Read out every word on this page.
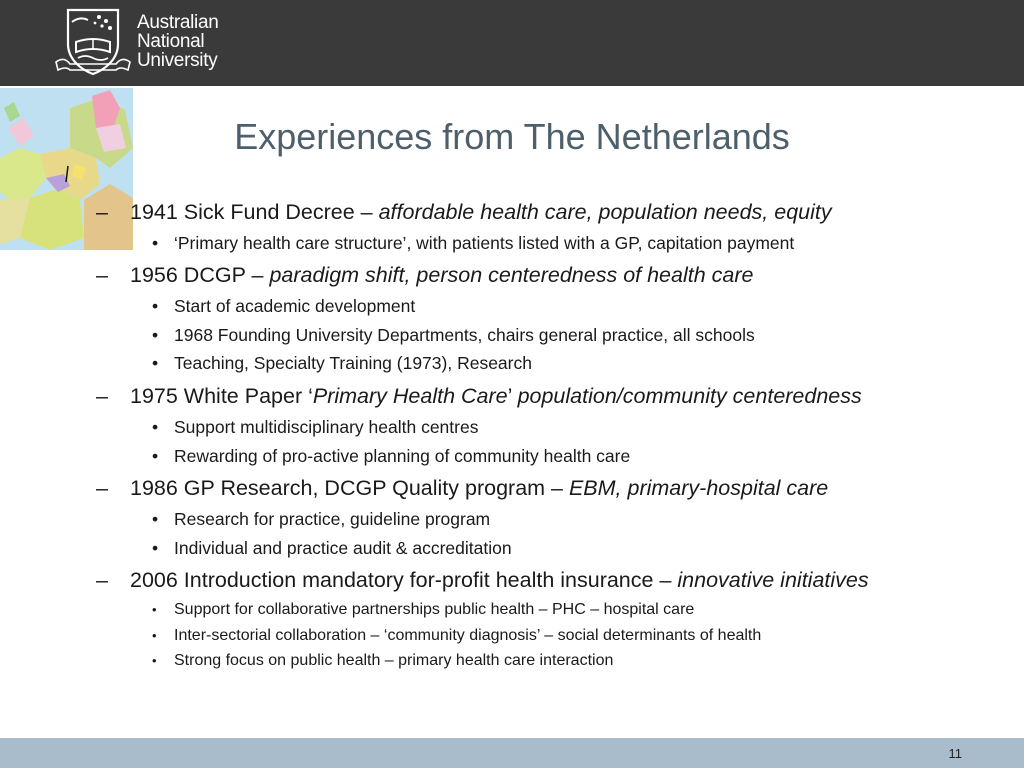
Australian
National
University
Experiences from The Netherlands
– 1941 Sick Fund Decree – affordable health care, population needs, equity
• ‘Primary health care structure’, with patients listed with a GP, capitation payment
– 1956 DCGP – paradigm shift, person centeredness of health care
• Start of academic development
• 1968 Founding University Departments, chairs general practice, all schools
• Teaching, Specialty Training (1973), Research
– 1975 White Paper ‘Primary Health Care’ population/community centeredness
• Support multidisciplinary health centres
• Rewarding of pro-active planning of community health care
– 1986 GP Research, DCGP Quality program – EBM, primary-hospital care
• Research for practice, guideline program
• Individual and practice audit & accreditation
– 2006 Introduction mandatory for-profit health insurance – innovative initiatives
• Support for collaborative partnerships public health – PHC – hospital care
• Inter-sectorial collaboration – ‘community diagnosis’ – social determinants of health
• Strong focus on public health – primary health care interaction
11
